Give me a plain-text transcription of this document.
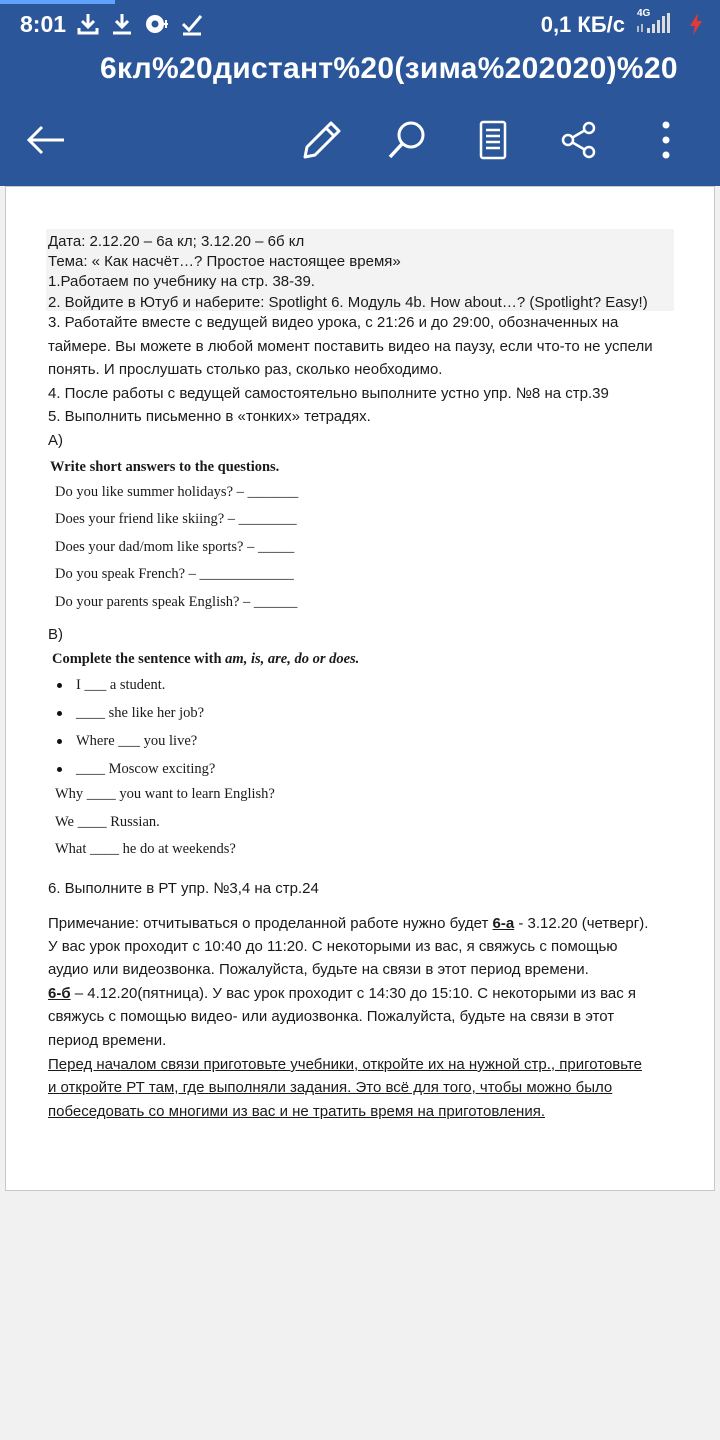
8:01	0,1 КБ/с 4G
6кл%20дистант%20(зима%202020)%20
Дата: 2.12.20 – 6а кл; 3.12.20 – 6б кл
Тема: « Как насчёт…? Простое настоящее время»
1.Работаем по учебнику на стр. 38-39.
2. Войдите в Ютуб и наберите: Spotlight 6. Модуль 4b. How about…? (Spotlight? Easy!)
3. Работайте вместе с ведущей видео урока, с 21:26 и до 29:00, обозначенных на
таймере. Вы можете в любой момент поставить видео на паузу, если что-то не успели
понять. И прослушать столько раз, сколько необходимо.
4. После работы с ведущей самостоятельно выполните устно упр. №8 на стр.39
5. Выполнить письменно в «тонких» тетрадях.
А)
Write short answers to the questions.
Do you like summer holidays? – _______
Does your friend like skiing? – ________
Does your dad/mom like sports? – _____
Do you speak French? – _____________
Do your parents speak English? – ______
В)
Complete the sentence with am, is, are, do or does.
I ___ a student.
____ she like her job?
Where ___ you live?
____ Moscow exciting?
Why ____ you want to learn English?
We ____ Russian.
What ____ he do at weekends?
6. Выполните в РТ упр. №3,4 на стр.24
Примечание: отчитываться о проделанной работе нужно будет 6-а - 3.12.20 (четверг).
У вас урок проходит с 10:40 до 11:20. С некоторыми из вас, я свяжусь с помощью
аудио или видеозвонка. Пожалуйста, будьте на связи в этот период времени.
6-б – 4.12.20(пятница). У вас урок проходит с 14:30 до 15:10. С некоторыми из вас я
свяжусь с помощью видео- или аудиозвонка. Пожалуйста, будьте на связи в этот
период времени.
Перед началом связи приготовьте учебники, откройте их на нужной стр., приготовьте
и откройте РТ там, где выполняли задания. Это всё для того, чтобы можно было
побеседовать со многими из вас и не тратить время на приготовления.
